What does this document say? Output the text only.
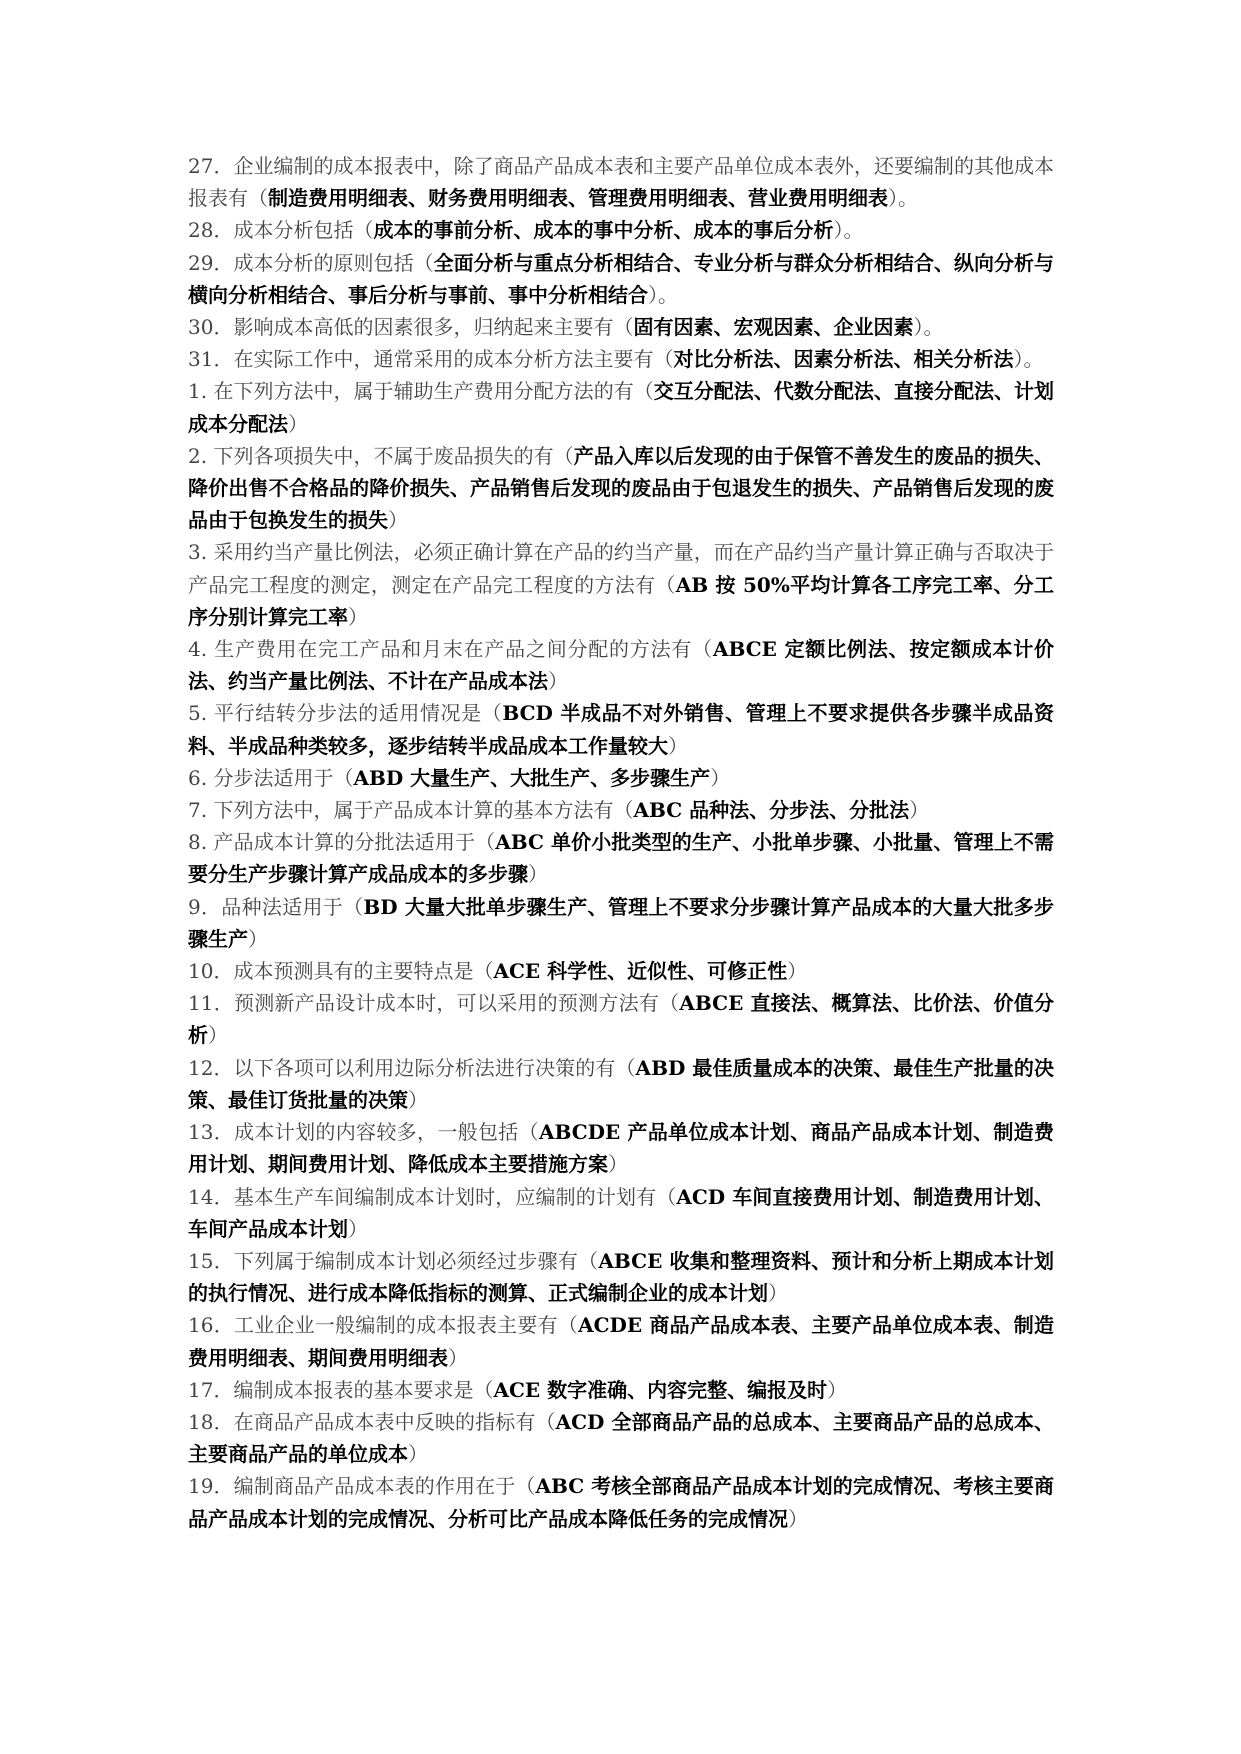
27．企业编制的成本报表中，除了商品产品成本表和主要产品单位成本表外，还要编制的其他成本报表有（制造费用明细表、财务费用明细表、管理费用明细表、营业费用明细表）。

28．成本分析包括（成本的事前分析、成本的事中分析、成本的事后分析）。

29．成本分析的原则包括（全面分析与重点分析相结合、专业分析与群众分析相结合、纵向分析与横向分析相结合、事后分析与事前、事中分析相结合）。

30．影响成本高低的因素很多，归纳起来主要有（固有因素、宏观因素、企业因素）。

31．在实际工作中，通常采用的成本分析方法主要有（对比分析法、因素分析法、相关分析法）。

1. 在下列方法中，属于辅助生产费用分配方法的有（交互分配法、代数分配法、直接分配法、计划成本分配法）

2. 下列各项损失中，不属于废品损失的有（产品入库以后发现的由于保管不善发生的废品的损失、降价出售不合格品的降价损失、产品销售后发现的废品由于包退发生的损失、产品销售后发现的废品由于包换发生的损失）

3. 采用约当产量比例法，必须正确计算在产品的约当产量，而在产品约当产量计算正确与否取决于产品完工程度的测定，测定在产品完工程度的方法有（AB 按 50%平均计算各工序完工率、分工序分别计算完工率）

4. 生产费用在完工产品和月末在产品之间分配的方法有（ABCE 定额比例法、按定额成本计价法、约当产量比例法、不计在产品成本法）

5. 平行结转分步法的适用情况是（BCD 半成品不对外销售、管理上不要求提供各步骤半成品资料、半成品种类较多，逐步结转半成品成本工作量较大）

6. 分步法适用于（ABD 大量生产、大批生产、多步骤生产）

7. 下列方法中，属于产品成本计算的基本方法有（ABC 品种法、分步法、分批法）

8. 产品成本计算的分批法适用于（ABC 单价小批类型的生产、小批单步骤、小批量、管理上不需要分生产步骤计算产成品成本的多步骤）

9．品种法适用于（BD 大量大批单步骤生产、管理上不要求分步骤计算产品成本的大量大批多步骤生产）

10．成本预测具有的主要特点是（ACE 科学性、近似性、可修正性）

11．预测新产品设计成本时，可以采用的预测方法有（ABCE 直接法、概算法、比价法、价值分析）

12．以下各项可以利用边际分析法进行决策的有（ABD 最佳质量成本的决策、最佳生产批量的决策、最佳订货批量的决策）

13．成本计划的内容较多，一般包括（ABCDE 产品单位成本计划、商品产品成本计划、制造费用计划、期间费用计划、降低成本主要措施方案）

14．基本生产车间编制成本计划时，应编制的计划有（ACD 车间直接费用计划、制造费用计划、车间产品成本计划）

15．下列属于编制成本计划必须经过步骤有（ABCE 收集和整理资料、预计和分析上期成本计划的执行情况、进行成本降低指标的测算、正式编制企业的成本计划）

16．工业企业一般编制的成本报表主要有（ACDE 商品产品成本表、主要产品单位成本表、制造费用明细表、期间费用明细表）

17．编制成本报表的基本要求是（ACE 数字准确、内容完整、编报及时）

18．在商品产品成本表中反映的指标有（ACD 全部商品产品的总成本、主要商品产品的总成本、主要商品产品的单位成本）

19．编制商品产品成本表的作用在于（ABC 考核全部商品产品成本计划的完成情况、考核主要商品产品成本计划的完成情况、分析可比产品成本降低任务的完成情况）
